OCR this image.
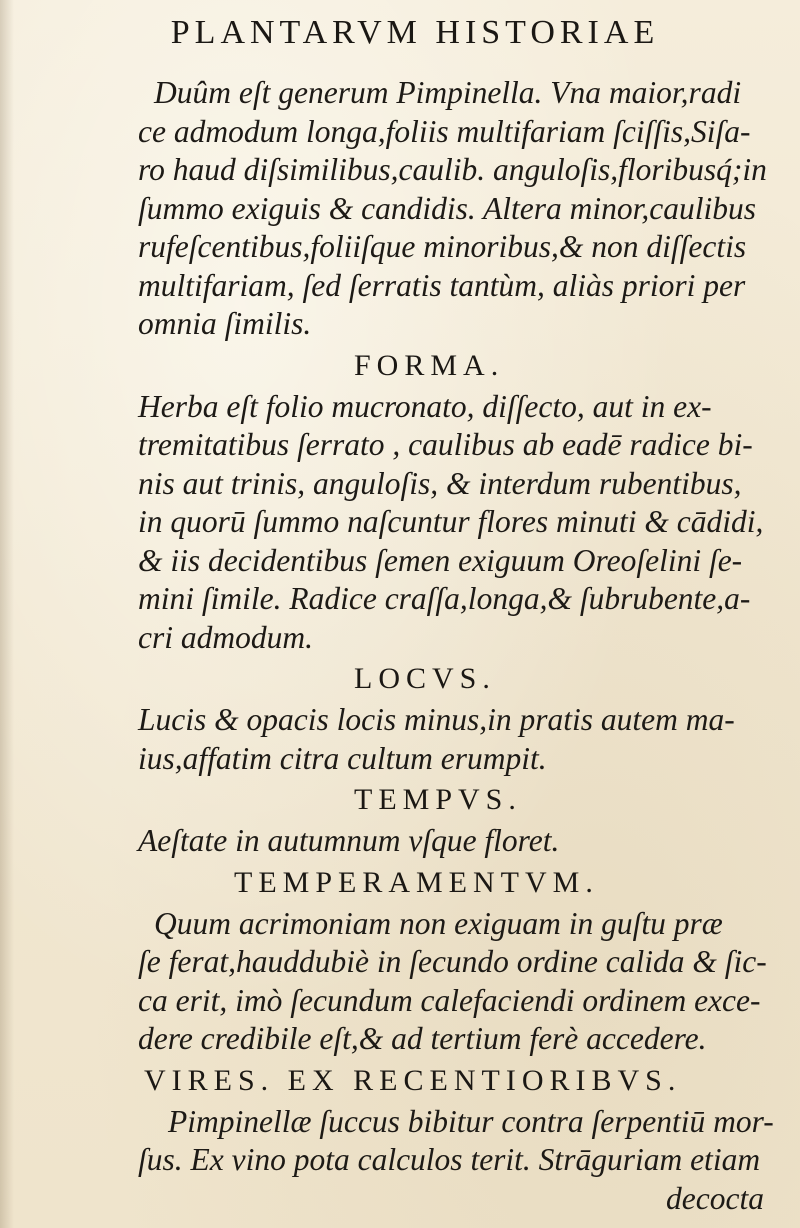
PLANTARVM HISTORIAE
Duûm eſt generum Pimpinella. Vna maior,radi
ce admodum longa,foliis multifariam ſciſſis,Siſa-
ro haud diſsimilibus,caulib. anguloſis,floribusq́;in
ſummo exiguis & candidis. Altera minor,caulibus
rufeſcentibus,foliiſque minoribus,& non diſſectis
multifariam, ſed ſerratis tantùm, aliàs priori per
omnia ſimilis.
FORMA.
Herba eſt folio mucronato, diſſecto, aut in ex-
tremitatibus ſerrato , caulibus ab eadē radice bi-
nis aut trinis, anguloſis, & interdum rubentibus,
in quorū ſummo naſcuntur flores minuti & cādidi,
& iis decidentibus ſemen exiguum Oreoſelini ſe-
mini ſimile. Radice craſſa,longa,& ſubrubente,a-
cri admodum.
LOCVS.
Lucis & opacis locis minus,in pratis autem ma-
ius,affatim citra cultum erumpit.
TEMPVS.
Aeſtate in autumnum vſque floret.
TEMPERAMENTVM.
Quum acrimoniam non exiguam in guſtu præ
ſe ferat,hauddubiè in ſecundo ordine calida & ſic-
ca erit, imò ſecundum calefaciendi ordinem exce-
dere credibile eſt,& ad tertium ferè accedere.
VIRES. EX RECENTIORIBVS.
Pimpinellæ ſuccus bibitur contra ſerpentiū mor-
ſus. Ex vino pota calculos terit. Strāguriam etiam
decocta
